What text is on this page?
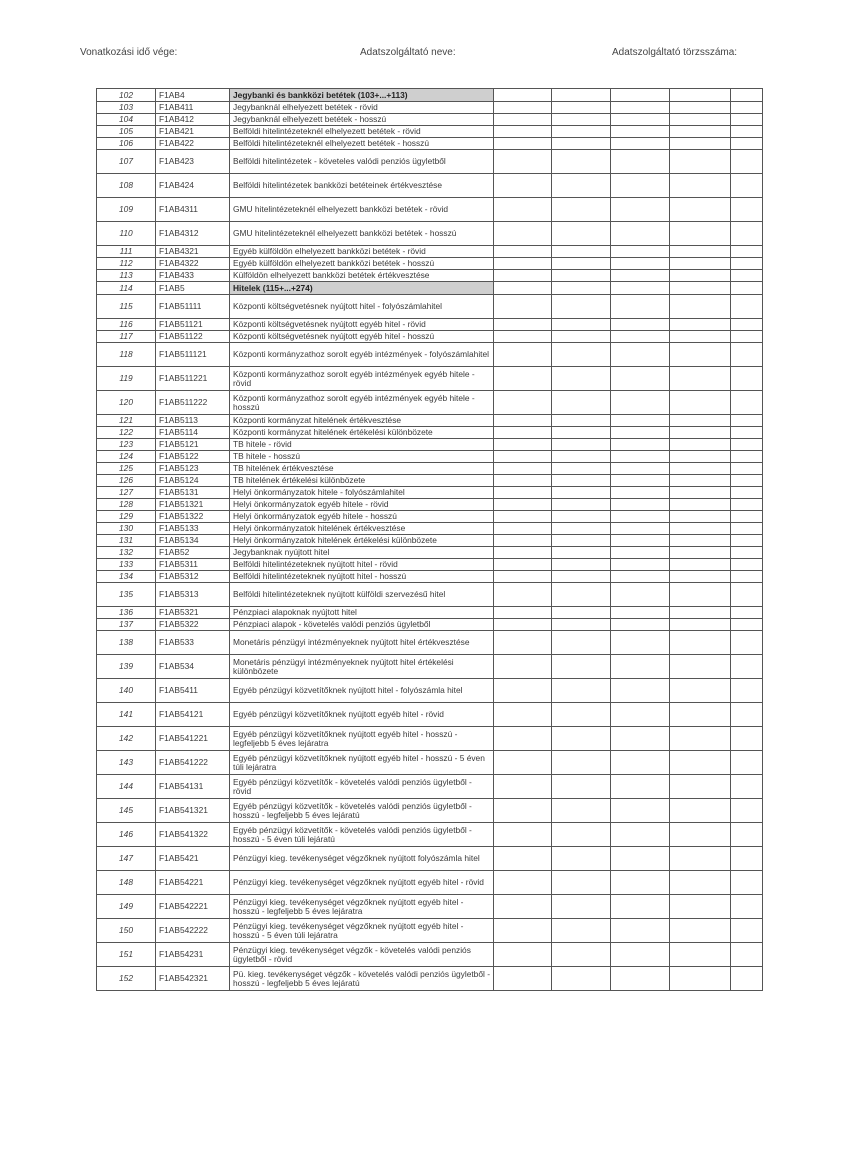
Vonatkozási idő vége:	Adatszolgáltató neve:	Adatszolgáltató törzsszáma:
102	F1AB4	Jegybanki és bankközi betétek (103+...+113)					
103	F1AB411	Jegybanknál elhelyezett betétek - rövid					
104	F1AB412	Jegybanknál elhelyezett betétek - hosszú					
105	F1AB421	Belföldi hitelintézeteknél elhelyezett betétek - rövid					
106	F1AB422	Belföldi hitelintézeteknél elhelyezett betétek - hosszú					
107	F1AB423	Belföldi hitelintézetek - követeles valódi penziós ügyletből					
108	F1AB424	Belföldi hitelintézetek bankközi betéteinek értékvesztése					
109	F1AB4311	GMU hitelintézeteknél elhelyezett bankközi betétek - rövid					
110	F1AB4312	GMU hitelintézeteknél elhelyezett bankközi betétek - hosszú					
111	F1AB4321	Egyéb külföldön elhelyezett bankközi betétek - rövid					
112	F1AB4322	Egyéb külföldön elhelyezett bankközi betétek - hosszú					
113	F1AB433	Külföldön elhelyezett bankközi betétek értékvesztése					
114	F1AB5	Hitelek (115+...+274)					
115	F1AB51111	Központi költségvetésnek nyújtott hitel - folyószámlahitel					
116	F1AB51121	Központi költségvetésnek nyújtott egyéb hitel - rövid					
117	F1AB51122	Központi költségvetésnek nyújtott egyéb hitel - hosszú					
118	F1AB511121	Központi kormányzathoz sorolt egyéb intézmények - folyószámlahitel					
119	F1AB511221	Központi kormányzathoz sorolt egyéb intézmények egyéb hitele - rövid					
120	F1AB511222	Központi kormányzathoz sorolt egyéb intézmények egyéb hitele - hosszú					
121	F1AB5113	Központi kormányzat hitelének értékvesztése					
122	F1AB5114	Központi kormányzat hitelének értékelési különbözete					
123	F1AB5121	TB hitele - rövid					
124	F1AB5122	TB hitele - hosszú					
125	F1AB5123	TB hitelének értékvesztése					
126	F1AB5124	TB hitelének értékelési különbözete					
127	F1AB5131	Helyi önkormányzatok hitele - folyószámlahitel					
128	F1AB51321	Helyi önkormányzatok egyéb hitele - rövid					
129	F1AB51322	Helyi önkormányzatok egyéb hitele - hosszú					
130	F1AB5133	Helyi önkormányzatok hitelének értékvesztése					
131	F1AB5134	Helyi önkormányzatok hitelének értékelési különbözete					
132	F1AB52	Jegybanknak nyújtott hitel					
133	F1AB5311	Belföldi hitelintézeteknek nyújtott hitel - rövid					
134	F1AB5312	Belföldi hitelintézeteknek nyújtott hitel - hosszú					
135	F1AB5313	Belföldi hitelintézeteknek nyújtott külföldi szervezésű hitel					
136	F1AB5321	Pénzpiaci alapoknak nyújtott hitel					
137	F1AB5322	Pénzpiaci alapok - követelés valódi penziós ügyletből					
138	F1AB533	Monetáris pénzügyi intézményeknek nyújtott hitel értékvesztése					
139	F1AB534	Monetáris pénzügyi intézményeknek nyújtott hitel értékelési különbözete					
140	F1AB5411	Egyéb pénzügyi közvetítőknek nyújtott hitel - folyószámla hitel					
141	F1AB54121	Egyéb pénzügyi közvetítőknek nyújtott egyéb hitel - rövid					
142	F1AB541221	Egyéb pénzügyi közvetítőknek nyújtott egyéb hitel - hosszú - legfeljebb 5 éves lejáratra					
143	F1AB541222	Egyéb pénzügyi közvetítőknek nyújtott egyéb hitel - hosszú - 5 éven túli lejáratra					
144	F1AB54131	Egyéb pénzügyi közvetítők - követelés valódi penziós ügyletből - rövid					
145	F1AB541321	Egyéb pénzügyi közvetítők - követelés valódi penziós ügyletből - hosszú - legfeljebb 5 éves lejáratú					
146	F1AB541322	Egyéb pénzügyi közvetítők - követelés valódi penziós ügyletből - hosszú - 5 éven túli lejáratú					
147	F1AB5421	Pénzügyi kieg. tevékenységet végzőknek nyújtott folyószámla hitel					
148	F1AB54221	Pénzügyi kieg. tevékenységet végzőknek nyújtott egyéb hitel - rövid					
149	F1AB542221	Pénzügyi kieg. tevékenységet végzőknek nyújtott egyéb hitel - hosszú - legfeljebb 5 éves lejáratra					
150	F1AB542222	Pénzügyi kieg. tevékenységet végzőknek nyújtott egyéb hitel - hosszú - 5 éven túli lejáratra					
151	F1AB54231	Pénzügyi kieg. tevékenységet végzők - követelés valódi penziós ügyletből - rövid					
152	F1AB542321	Pü. kieg. tevékenységet végzők - követelés valódi penziós ügyletből - hosszú - legfeljebb 5 éves lejáratú					
